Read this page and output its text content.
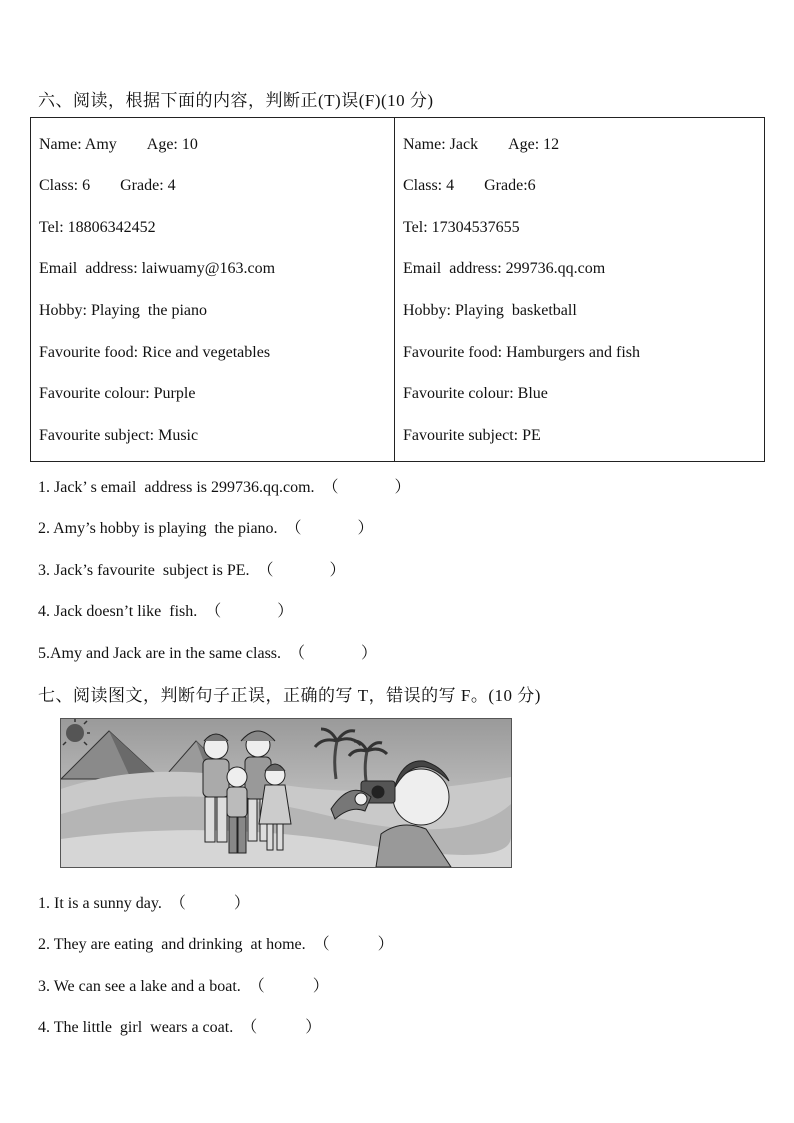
六、阅读，根据下面的内容，判断正(T)误(F)(10 分)
Name: Amy Age: 10
Class: 6 Grade: 4
Tel: 18806342452
Email  address: laiwuamy@163.com
Hobby: Playing  the piano
Favourite food: Rice and vegetables
Favourite colour: Purple
Favourite subject: Music

Name: Jack Age: 12
Class: 4 Grade:6
Tel: 17304537655
Email  address: 299736.qq.com
Hobby: Playing  basketball
Favourite food: Hamburgers and fish
Favourite colour: Blue
Favourite subject: PE
1. Jack’ s email  address is 299736.qq.com.  （              ）
2. Amy’s hobby is playing  the piano.  （              ）
3. Jack’s favourite  subject is PE.  （              ）
4. Jack doesn’t like  fish.  （              ）
5.Amy and Jack are in the same class.  （              ）
七、阅读图文，判断句子正误，正确的写 T，错误的写 F。(10 分)
1. It is a sunny day.  （            ）
2. They are eating  and drinking  at home.  （            ）
3. We can see a lake and a boat.  （            ）
4. The little  girl  wears a coat.  （            ）
